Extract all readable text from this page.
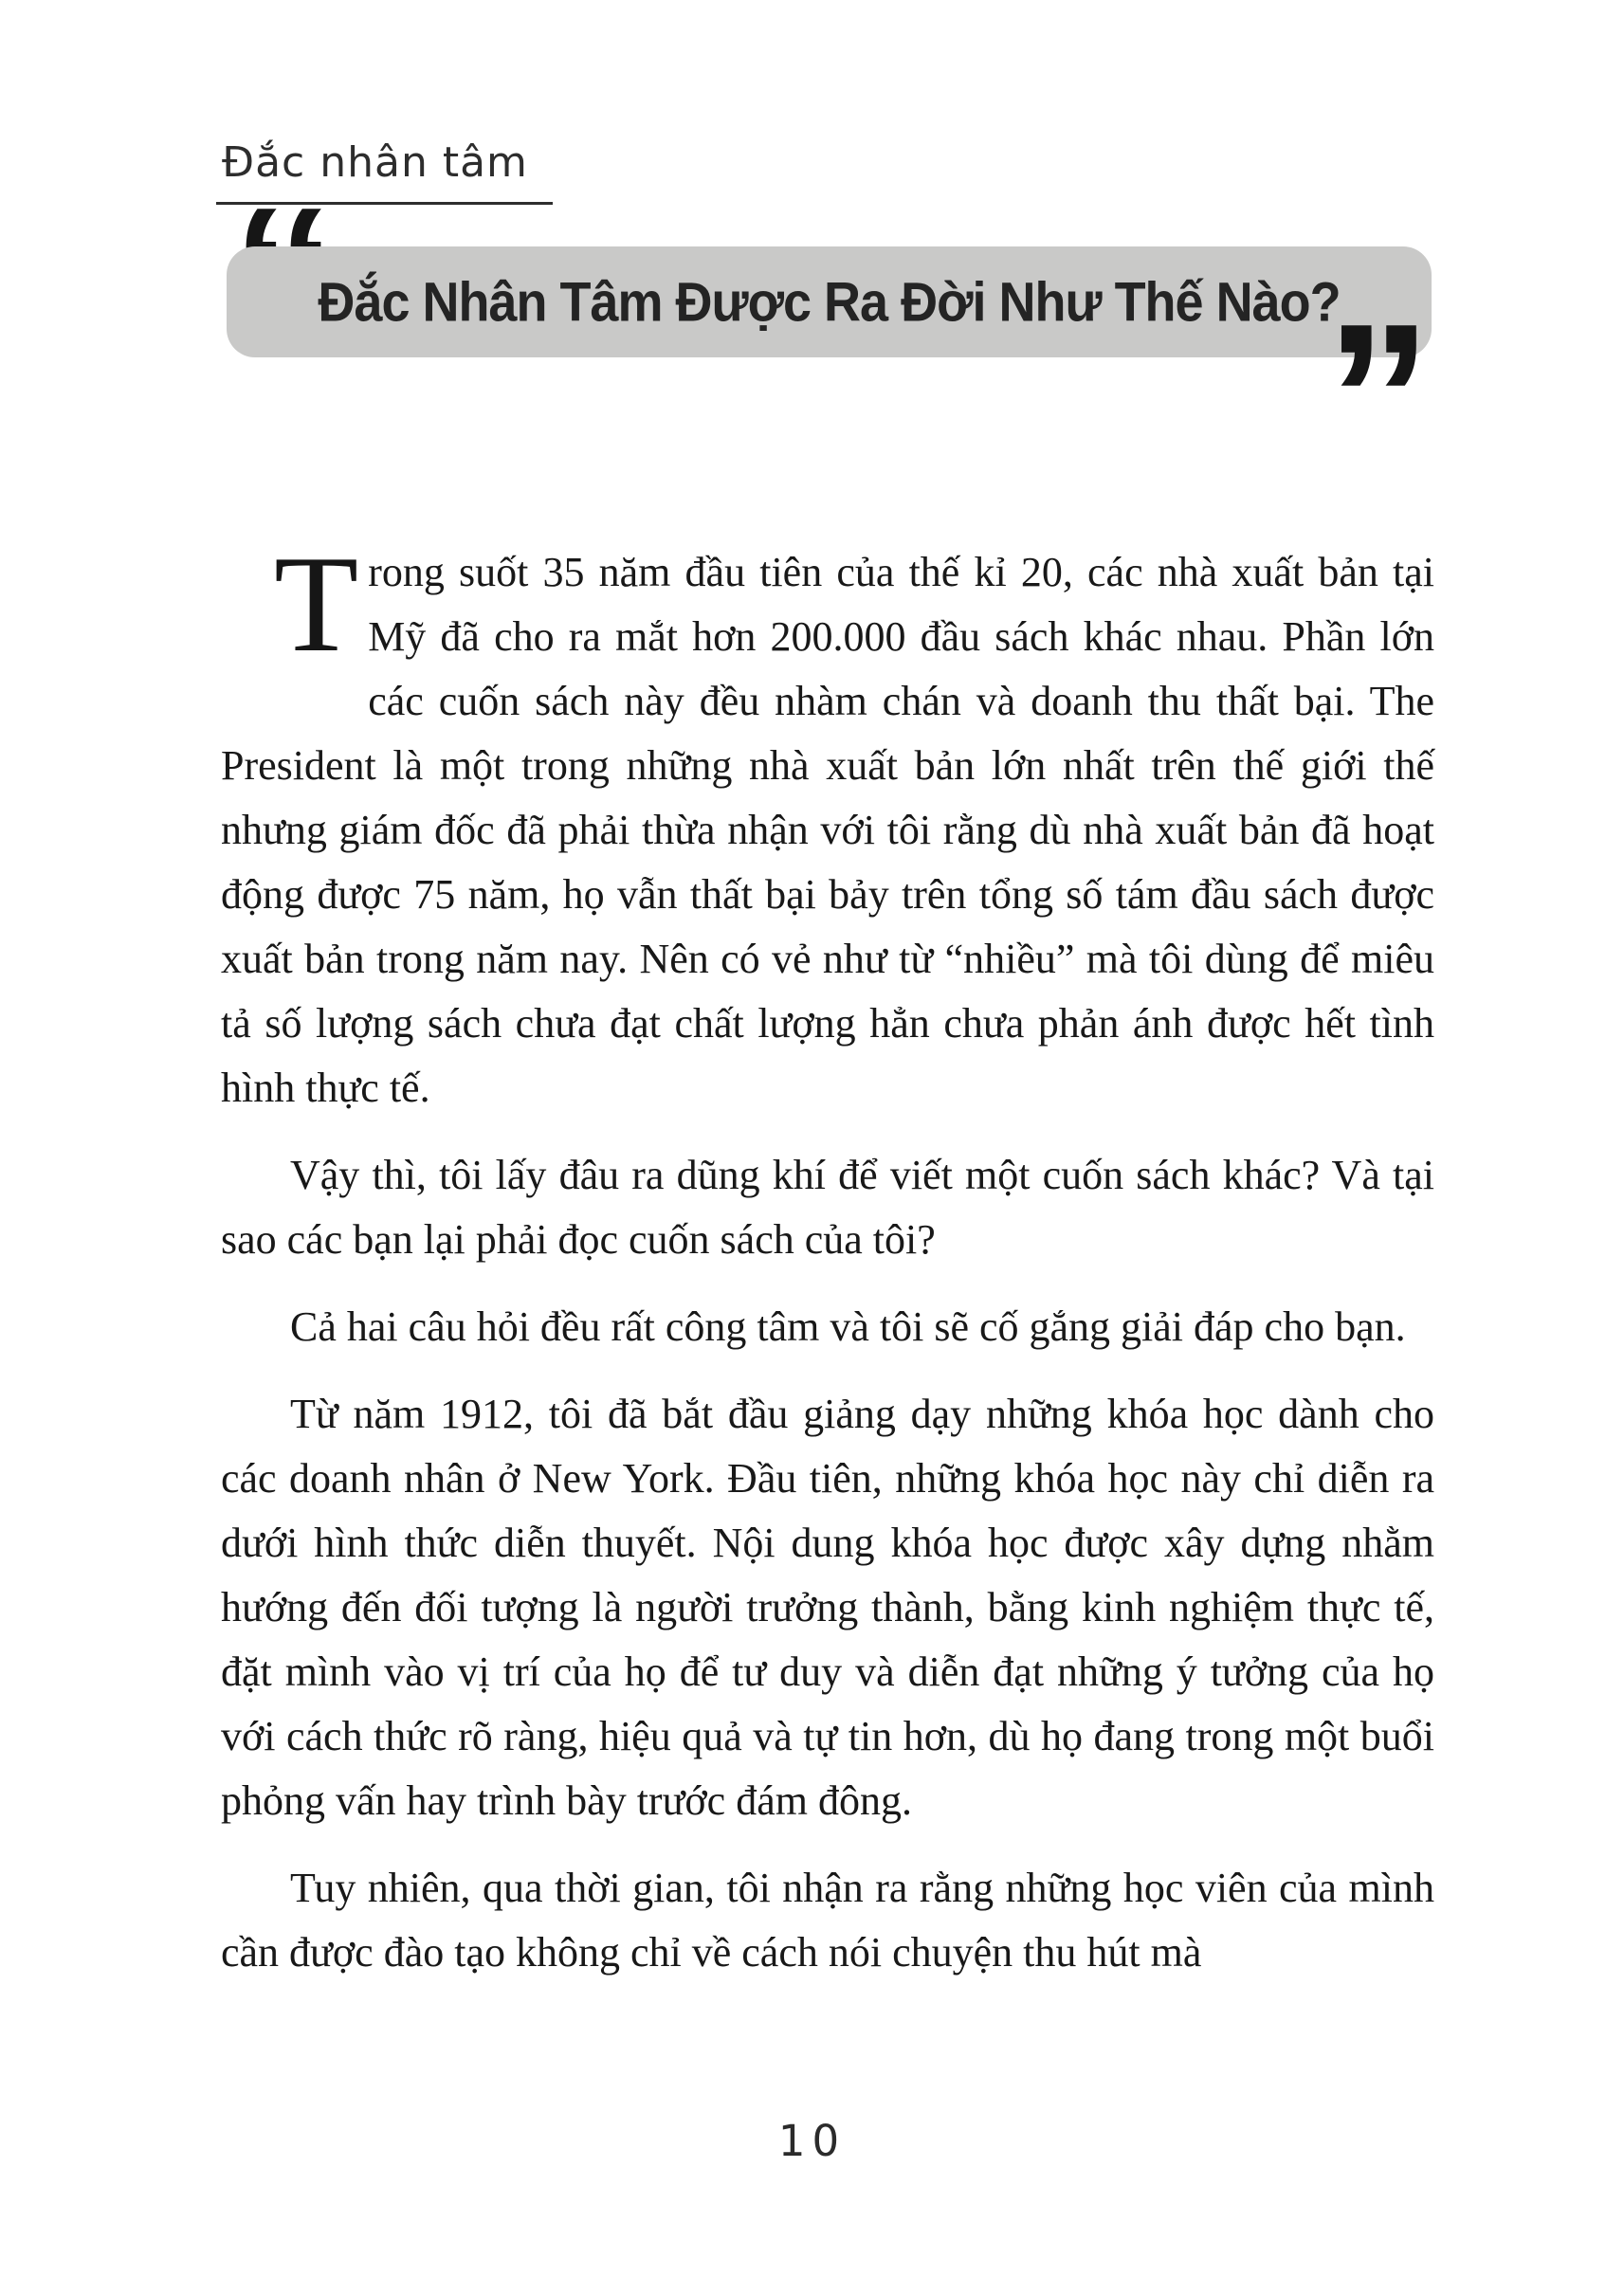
Đắc nhân tâm
Đắc Nhân Tâm Được Ra Đời Như Thế Nào?
”

Trong suốt 35 năm đầu tiên của thế kỉ 20, các nhà xuất bản tại Mỹ đã cho ra mắt hơn 200.000 đầu sách khác nhau. Phần lớn các cuốn sách này đều nhàm chán và doanh thu thất bại. The President là một trong những nhà xuất bản lớn nhất trên thế giới thế nhưng giám đốc đã phải thừa nhận với tôi rằng dù nhà xuất bản đã hoạt động được 75 năm, họ vẫn thất bại bảy trên tổng số tám đầu sách được xuất bản trong năm nay. Nên có vẻ như từ “nhiều” mà tôi dùng để miêu tả số lượng sách chưa đạt chất lượng hẳn chưa phản ánh được hết tình hình thực tế.

Vậy thì, tôi lấy đâu ra dũng khí để viết một cuốn sách khác? Và tại sao các bạn lại phải đọc cuốn sách của tôi?

Cả hai câu hỏi đều rất công tâm và tôi sẽ cố gắng giải đáp cho bạn.

Từ năm 1912, tôi đã bắt đầu giảng dạy những khóa học dành cho các doanh nhân ở New York. Đầu tiên, những khóa học này chỉ diễn ra dưới hình thức diễn thuyết. Nội dung khóa học được xây dựng nhằm hướng đến đối tượng là người trưởng thành, bằng kinh nghiệm thực tế, đặt mình vào vị trí của họ để tư duy và diễn đạt những ý tưởng của họ với cách thức rõ ràng, hiệu quả và tự tin hơn, dù họ đang trong một buổi phỏng vấn hay trình bày trước đám đông.

Tuy nhiên, qua thời gian, tôi nhận ra rằng những học viên của mình cần được đào tạo không chỉ về cách nói chuyện thu hút mà

10
